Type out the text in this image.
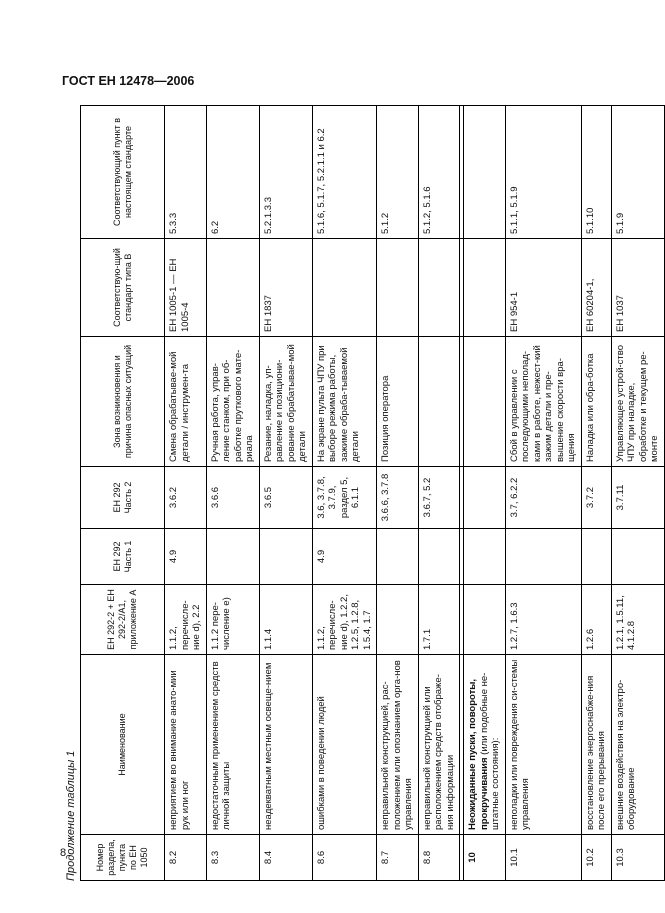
ГОСТ ЕН 12478—2006
Продолжение таблицы 1	Номер раздела, пункта по ЕН 1050	Наименование	ЕН 292-2 + ЕН 292-2/А1, приложение А	ЕН 292 Часть 1	ЕН 292 Часть 2	Зона возникновения и причина опасных ситуаций	Соответствую-щий стандарт типа В	Соответствующий пункт в настоящем стандарте
8.2	неприятием во внимание анато-мии рук или ног	1.1.2, перечисле-ние d), 2.2	4.9	3.6.2	Смена обрабатывае-мой детали / инструмен-та	ЕН 1005-1 — ЕН 1005-4	5.3.3
8.3	недостаточным применением средств личной защиты	1.1.2 пере-числение е)		3.6.6	Ручная работа, управ-ление станком, при об-работке пруткового мате-риала		6.2
8.4	неадекватным местным освеще-нием	1.1.4		3.6.5	Резание, наладка, уп-равление и позициони-рование обрабатывае-мой детали	ЕН 1837	5.2.1.3.3
8.6	ошибками в поведении людей	1.1.2, перечисле-ние d), 1.2.2, 1.2.5, 1.2.8, 1.5.4, 1.7	4.9	3.6, 3.7.8, 3.7.9, раздел 5, 6.1.1	На экране пульта ЧПУ при выборе режима работы, зажиме обраба-тываемой детали		5.1.6, 5.1.7, 5.2.1.1 и 6.2
8.7	неправильной конструкцией, рас-положением или опознанием орга-нов управления			3.6.6, 3.7.8	Позиция оператора		5.1.2
8.8	неправильной конструкцией или расположением средств отображе-ния информации	1.7.1		3.6.7, 5.2			5.1.2, 5.1.6

10	Неожиданные пуски, повороты, прокручивания (или подобные не-штатные состояния):						
10.1	неполадки или повреждения си-стемы управления	1.2.7, 1.6.3		3.7, 6.2.2	Сбой в управлении с последующими неполад-ками в работе, нежест-кий зажим детали и пре-вышение скорости вра-щения	ЕН 954-1	5.1.1, 5.1.9
10.2	восстановление энергоснабже-ния после его прерывания	1.2.6		3.7.2	Наладка или обра-ботка	ЕН 60204-1,	5.1.10
10.3	внешние воздействия на электро-оборудование	1.2.1, 1.5.11, 4.1.2.8		3.7.11	Управляющее устрой-ство ЧПУ при наладке, обработке и текущем ре-монте	ЕН 1037	5.1.9
8
